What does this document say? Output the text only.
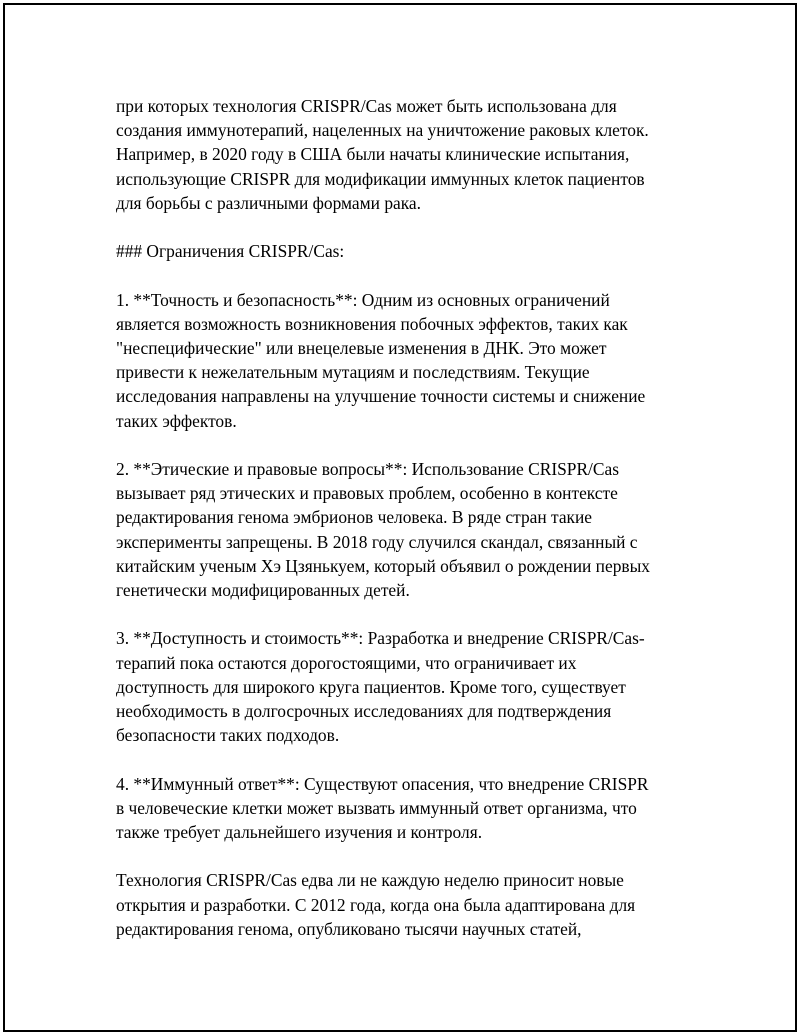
при которых технология CRISPR/Cas может быть использована для
создания иммунотерапий, нацеленных на уничтожение раковых клеток.
Например, в 2020 году в США были начаты клинические испытания,
использующие CRISPR для модификации иммунных клеток пациентов
для борьбы с различными формами рака.

### Ограничения CRISPR/Cas:

1. **Точность и безопасность**: Одним из основных ограничений
является возможность возникновения побочных эффектов, таких как
"неспецифические" или внецелевые изменения в ДНК. Это может
привести к нежелательным мутациям и последствиям. Текущие
исследования направлены на улучшение точности системы и снижение
таких эффектов.

2. **Этические и правовые вопросы**: Использование CRISPR/Cas
вызывает ряд этических и правовых проблем, особенно в контексте
редактирования генома эмбрионов человека. В ряде стран такие
эксперименты запрещены. В 2018 году случился скандал, связанный с
китайским ученым Хэ Цзянькуем, который объявил о рождении первых
генетически модифицированных детей.

3. **Доступность и стоимость**: Разработка и внедрение CRISPR/Cas-
терапий пока остаются дорогостоящими, что ограничивает их
доступность для широкого круга пациентов. Кроме того, существует
необходимость в долгосрочных исследованиях для подтверждения
безопасности таких подходов.

4. **Иммунный ответ**: Существуют опасения, что внедрение CRISPR
в человеческие клетки может вызвать иммунный ответ организма, что
также требует дальнейшего изучения и контроля.

Технология CRISPR/Cas едва ли не каждую неделю приносит новые
открытия и разработки. С 2012 года, когда она была адаптирована для
редактирования генома, опубликовано тысячи научных статей,
